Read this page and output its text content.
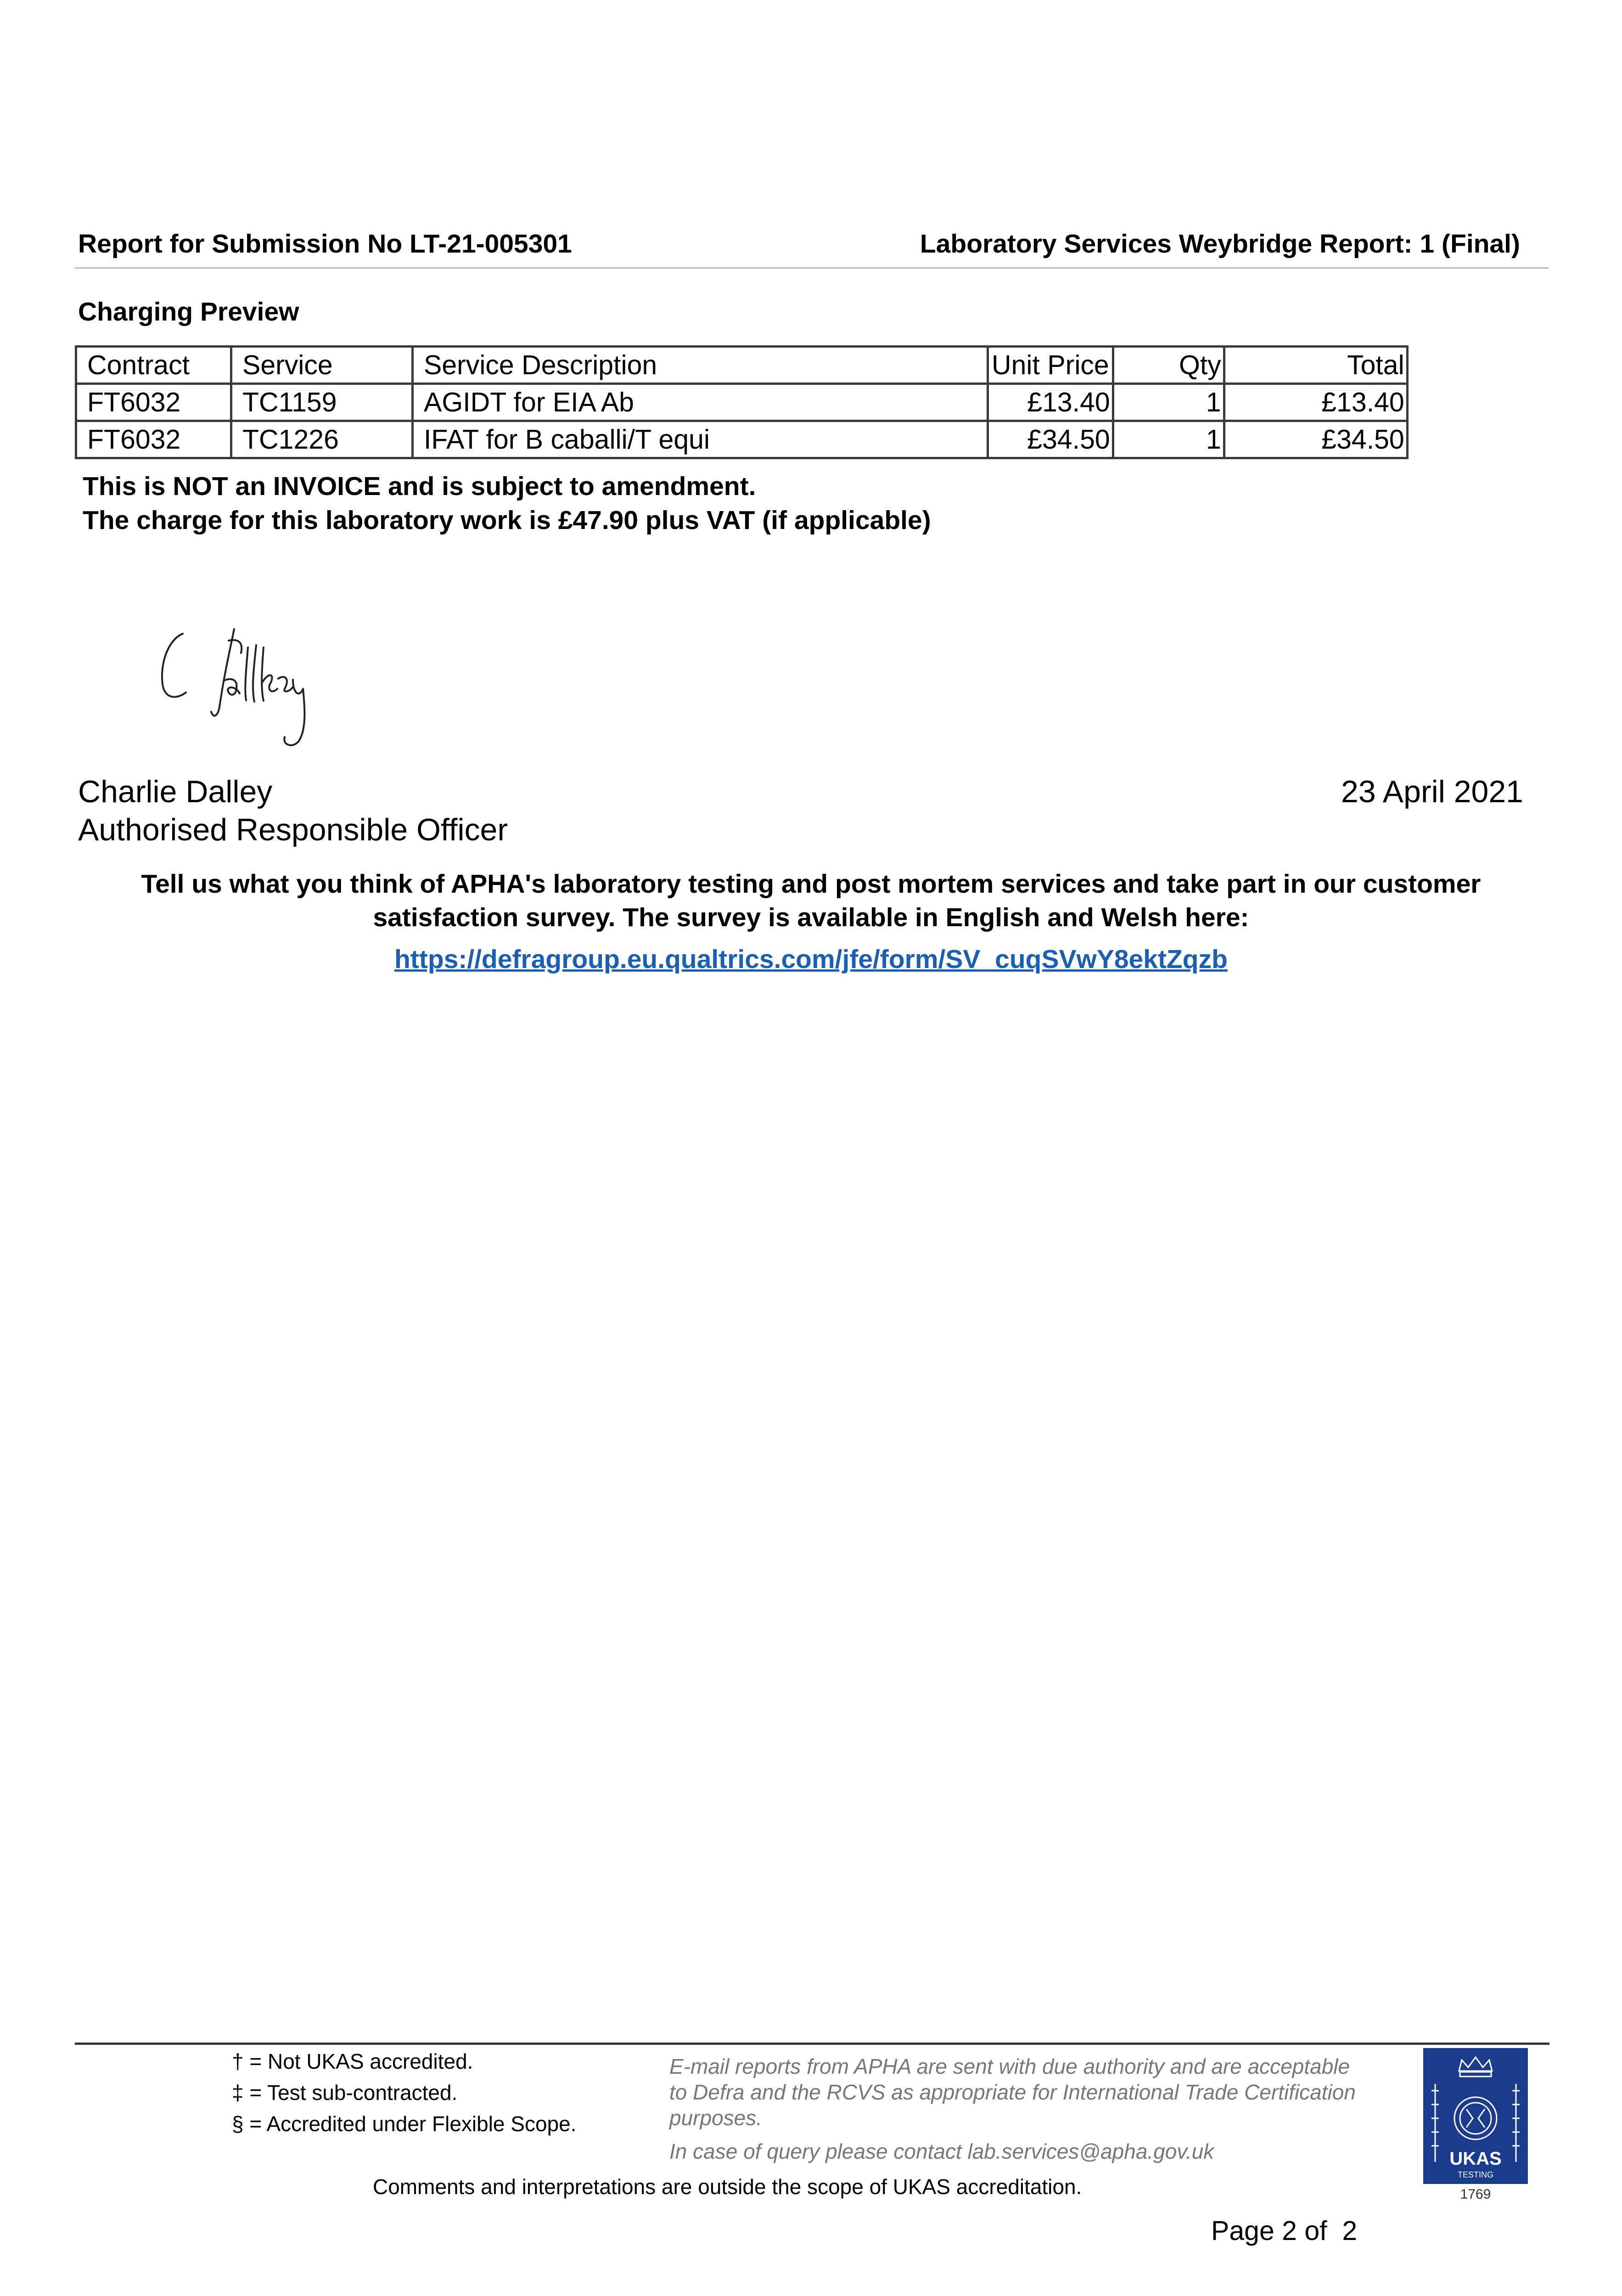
Report for Submission No LT-21-005301	Laboratory Services Weybridge Report: 1 (Final)
Charging Preview
Contract	Service	Service Description	Unit Price	Qty	Total
FT6032	TC1159	AGIDT for EIA Ab	£13.40	1	£13.40
FT6032	TC1226	IFAT for B caballi/T equi	£34.50	1	£34.50
This is NOT an INVOICE and is subject to amendment.
The charge for this laboratory work is £47.90 plus VAT (if applicable)
Charlie Dalley
Authorised Responsible Officer
23 April 2021
Tell us what you think of APHA's laboratory testing and post mortem services and take part in our customer
satisfaction survey. The survey is available in English and Welsh here:
https://defragroup.eu.qualtrics.com/jfe/form/SV_cuqSVwY8ektZqzb
† = Not UKAS accredited.
‡ = Test sub-contracted.
§ = Accredited under Flexible Scope.
E-mail reports from APHA are sent with due authority and are acceptable to Defra and the RCVS as appropriate for International Trade Certification purposes.
In case of query please contact lab.services@apha.gov.uk
Comments and interpretations are outside the scope of UKAS accreditation.
UKAS
TESTING
1769
Page 2 of  2
